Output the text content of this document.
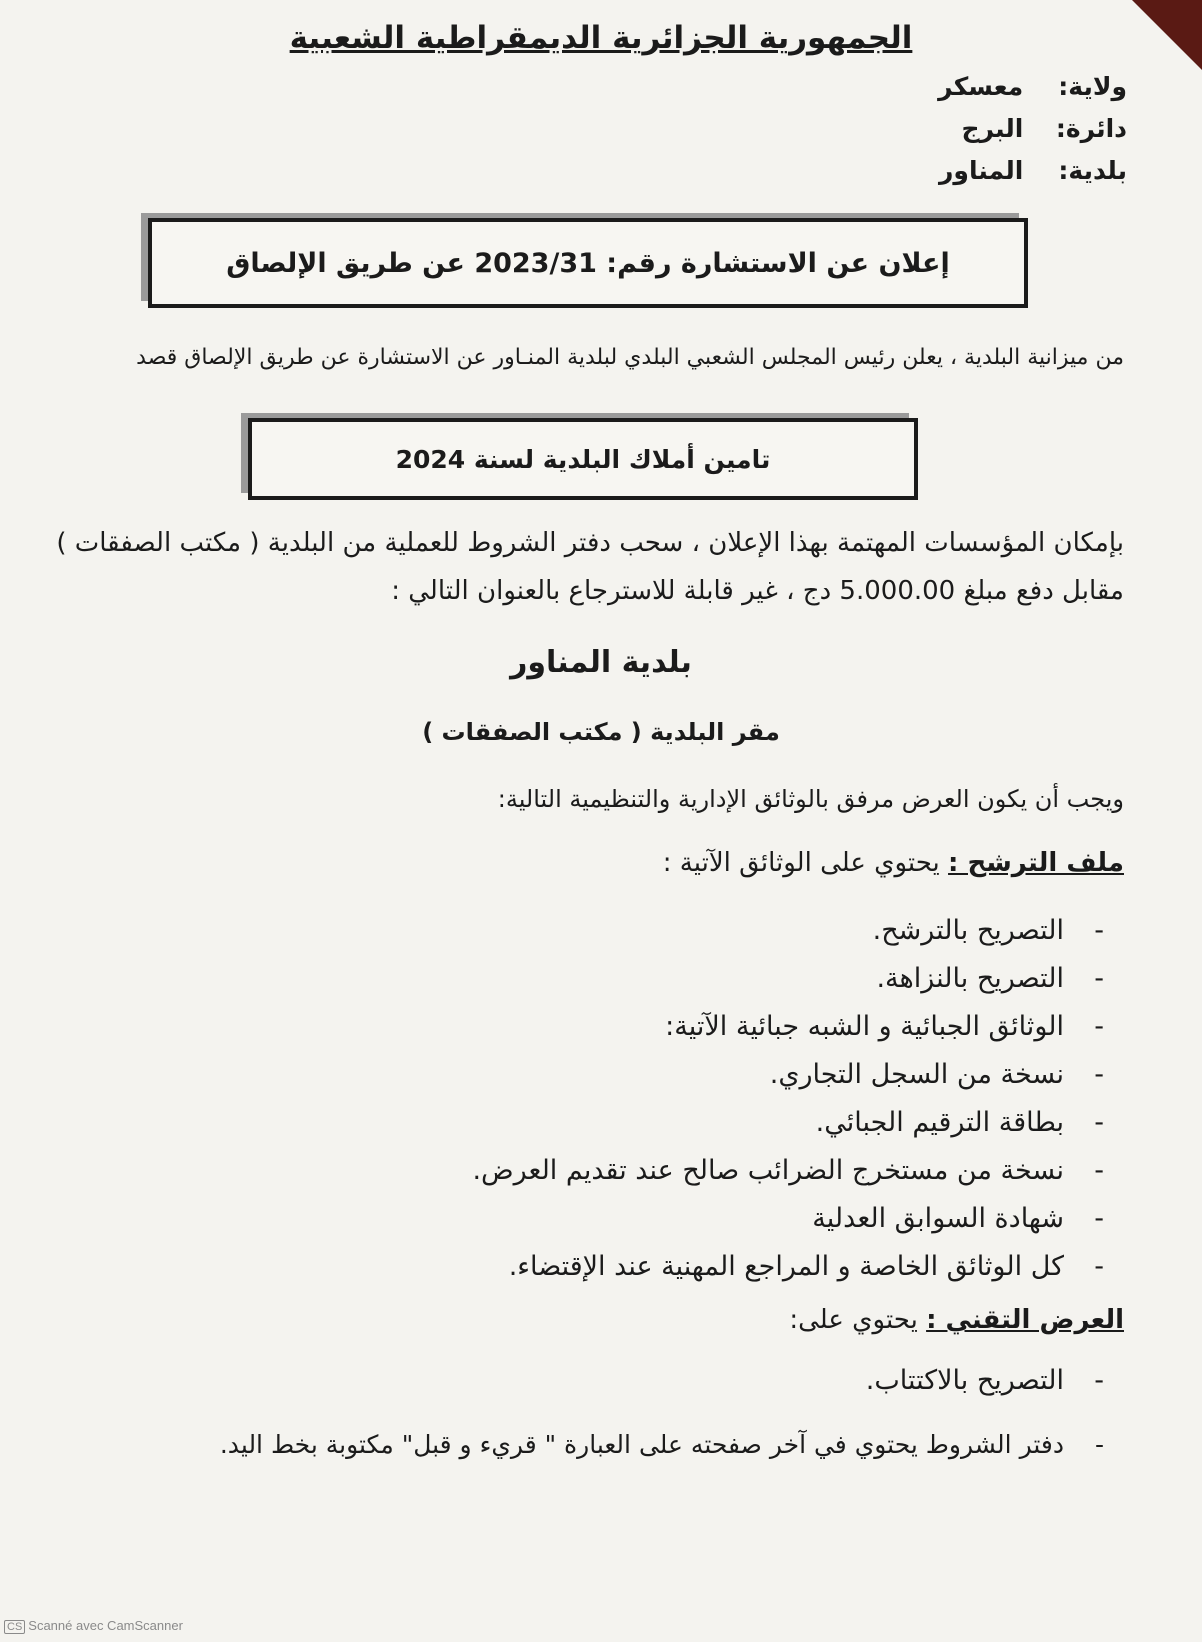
الجمهورية الجزائرية الديمقراطية الشعبية
ولاية: معسكر
دائرة: البرج
بلدية: المناور
إعلان عن الاستشارة رقم: 2023/31 عن طريق الإلصاق
من ميزانية البلدية ، يعلن رئيس المجلس الشعبي البلدي لبلدية المنـاور عن الاستشارة عن طريق الإلصاق قصد
تامين أملاك البلدية لسنة 2024
بإمكان المؤسسات المهتمة بهذا الإعلان ، سحب دفتر الشروط للعملية من البلدية ( مكتب الصفقات )
مقابل دفع مبلغ 5.000.00 دج ، غير قابلة للاسترجاع بالعنوان التالي :
بلدية المناور
مقر البلدية ( مكتب الصفقات )
ويجب أن يكون العرض مرفق بالوثائق الإدارية والتنظيمية التالية:
ملف الترشح : يحتوي على الوثائق الآتية :
-التصريح بالترشح.
-التصريح بالنزاهة.
-الوثائق الجبائية و الشبه جبائية الآتية:
-نسخة من السجل التجاري.
-بطاقة الترقيم الجبائي.
-نسخة من مستخرج الضرائب صالح عند تقديم العرض.
-شهادة السوابق العدلية
-كل الوثائق الخاصة و المراجع المهنية عند الإقتضاء.
العرض التقني : يحتوي على:
-التصريح بالاكتتاب.
-دفتر الشروط يحتوي في آخر صفحته على العبارة " قريء و قبل" مكتوبة بخط اليد.
CS Scanné avec CamScanner
